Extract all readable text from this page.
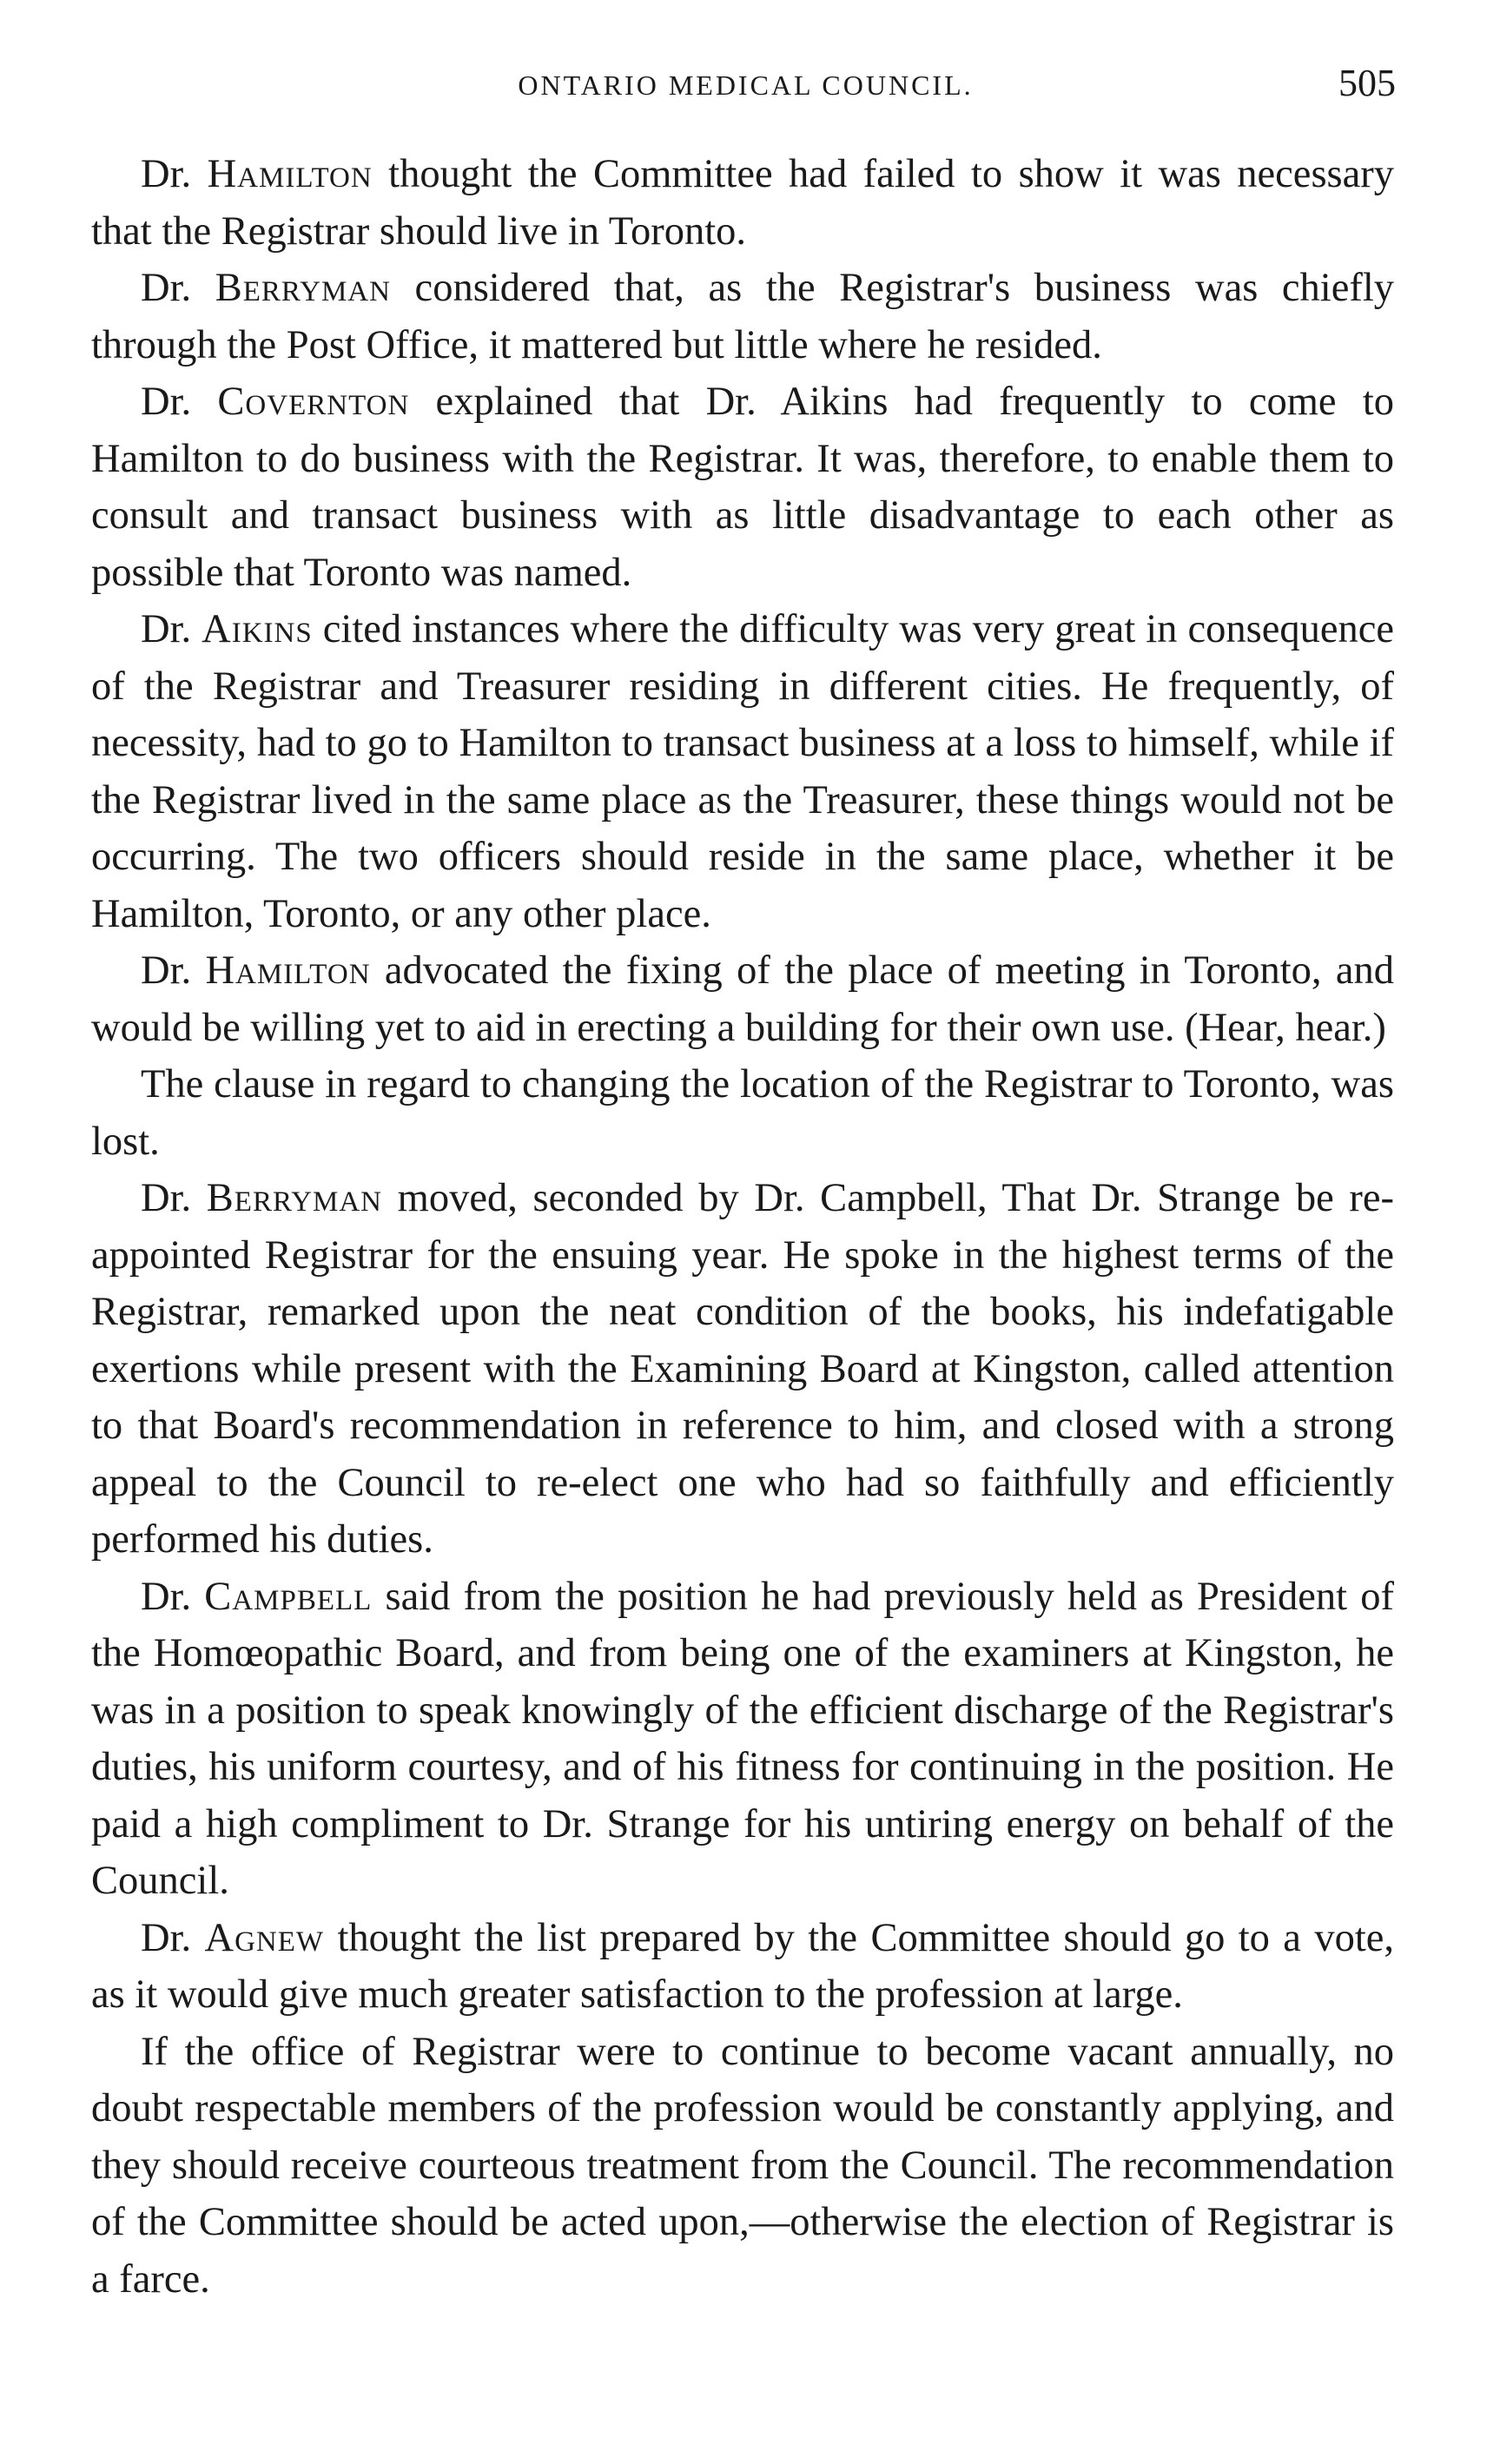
ONTARIO MEDICAL COUNCIL.	505

Dr. Hamilton thought the Committee had failed to show it was necessary that the Registrar should live in Toronto.

Dr. Berryman considered that, as the Registrar's business was chiefly through the Post Office, it mattered but little where he resided.

Dr. Covernton explained that Dr. Aikins had frequently to come to Hamilton to do business with the Registrar. It was, therefore, to enable them to consult and transact business with as little disadvantage to each other as possible that Toronto was named.

Dr. Aikins cited instances where the difficulty was very great in consequence of the Registrar and Treasurer residing in different cities. He frequently, of necessity, had to go to Hamilton to transact business at a loss to himself, while if the Registrar lived in the same place as the Treasurer, these things would not be occurring. The two officers should reside in the same place, whether it be Hamilton, Toronto, or any other place.

Dr. Hamilton advocated the fixing of the place of meeting in Toronto, and would be willing yet to aid in erecting a building for their own use. (Hear, hear.)

The clause in regard to changing the location of the Registrar to Toronto, was lost.

Dr. Berryman moved, seconded by Dr. Campbell, That Dr. Strange be re-appointed Registrar for the ensuing year. He spoke in the highest terms of the Registrar, remarked upon the neat condition of the books, his indefatigable exertions while present with the Examining Board at Kingston, called attention to that Board's recommendation in reference to him, and closed with a strong appeal to the Council to re-elect one who had so faithfully and efficiently performed his duties.

Dr. Campbell said from the position he had previously held as President of the Homœopathic Board, and from being one of the examiners at Kingston, he was in a position to speak knowingly of the efficient discharge of the Registrar's duties, his uniform courtesy, and of his fitness for continuing in the position. He paid a high compliment to Dr. Strange for his untiring energy on behalf of the Council.

Dr. Agnew thought the list prepared by the Committee should go to a vote, as it would give much greater satisfaction to the profession at large.

If the office of Registrar were to continue to become vacant annually, no doubt respectable members of the profession would be constantly applying, and they should receive courteous treatment from the Council. The recommendation of the Committee should be acted upon,—otherwise the election of Registrar is a farce.
